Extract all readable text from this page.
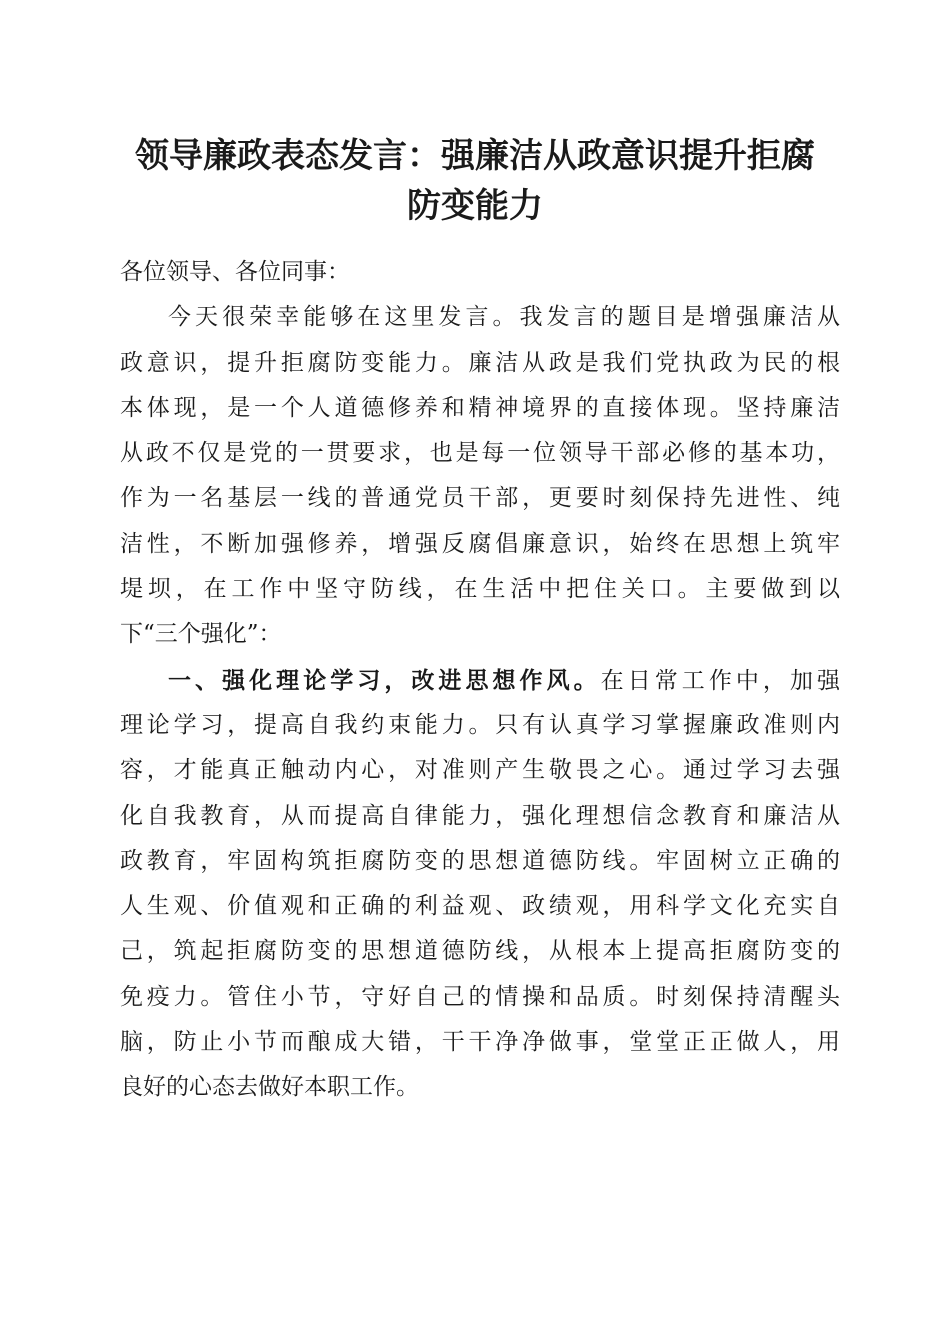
领导廉政表态发言：强廉洁从政意识提升拒腐
防变能力
各位领导、各位同事：
今天很荣幸能够在这里发言。我发言的题目是增强廉洁从
政意识，提升拒腐防变能力。廉洁从政是我们党执政为民的根
本体现，是一个人道德修养和精神境界的直接体现。坚持廉洁
从政不仅是党的一贯要求，也是每一位领导干部必修的基本功，
作为一名基层一线的普通党员干部，更要时刻保持先进性、纯
洁性，不断加强修养，增强反腐倡廉意识，始终在思想上筑牢
堤坝，在工作中坚守防线，在生活中把住关口。主要做到以
下“三个强化”：
一、强化理论学习，改进思想作风。在日常工作中，加强
理论学习，提高自我约束能力。只有认真学习掌握廉政准则内
容，才能真正触动内心，对准则产生敬畏之心。通过学习去强
化自我教育，从而提高自律能力，强化理想信念教育和廉洁从
政教育，牢固构筑拒腐防变的思想道德防线。牢固树立正确的
人生观、价值观和正确的利益观、政绩观，用科学文化充实自
己，筑起拒腐防变的思想道德防线，从根本上提高拒腐防变的
免疫力。管住小节，守好自己的情操和品质。时刻保持清醒头
脑，防止小节而酿成大错，干干净净做事，堂堂正正做人，用
良好的心态去做好本职工作。
